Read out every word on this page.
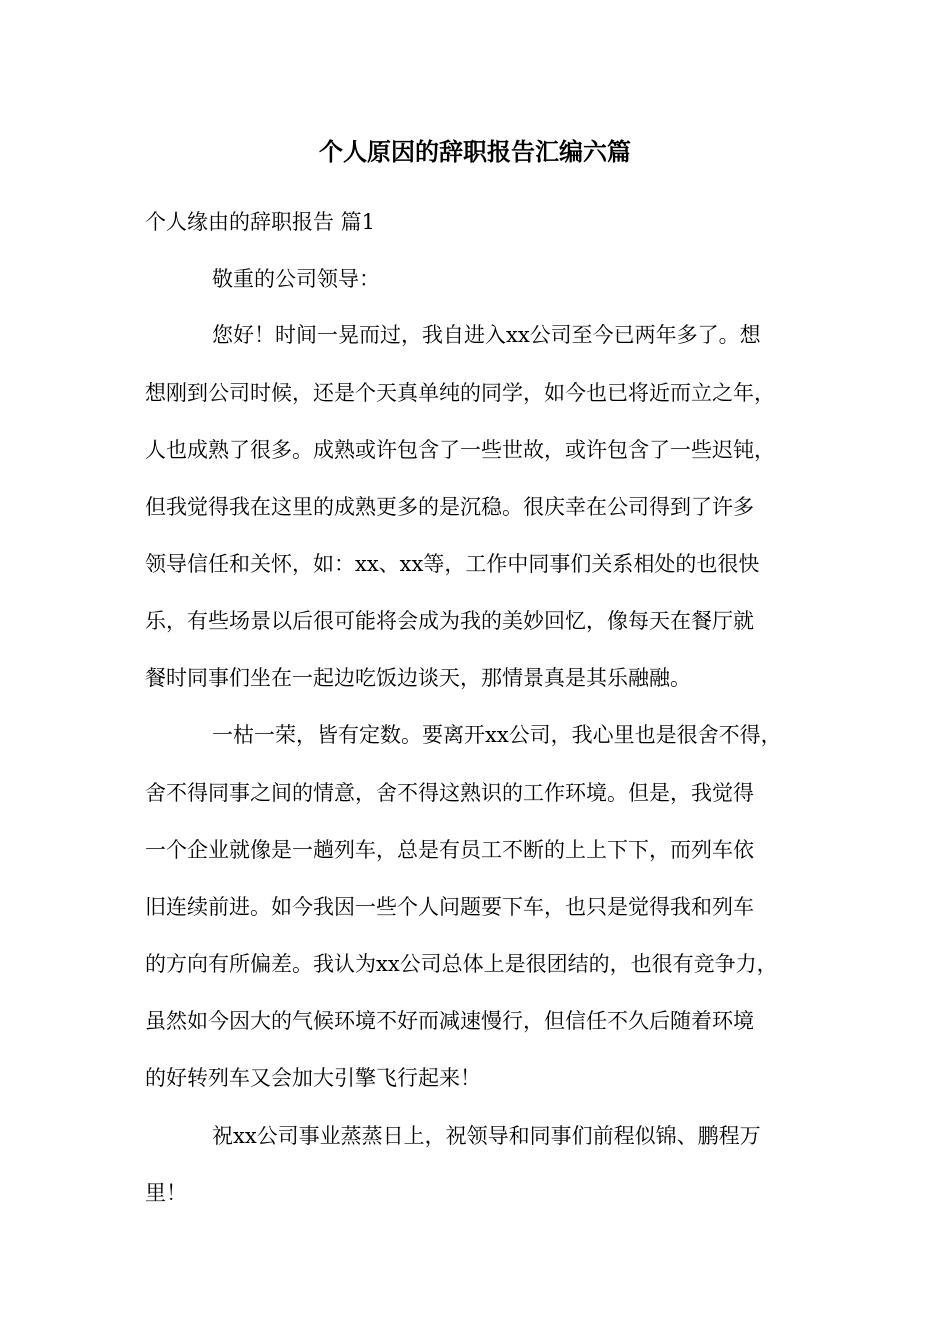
个人原因的辞职报告汇编六篇
个人缘由的辞职报告 篇1
敬重的公司领导：
您好！时间一晃而过，我自进入xx公司至今已两年多了。想
想刚到公司时候，还是个天真单纯的同学，如今也已将近而立之年，
人也成熟了很多。成熟或许包含了一些世故，或许包含了一些迟钝，
但我觉得我在这里的成熟更多的是沉稳。很庆幸在公司得到了许多
领导信任和关怀，如：xx、xx等，工作中同事们关系相处的也很快
乐，有些场景以后很可能将会成为我的美妙回忆，像每天在餐厅就
餐时同事们坐在一起边吃饭边谈天，那情景真是其乐融融。
一枯一荣，皆有定数。要离开xx公司，我心里也是很舍不得，
舍不得同事之间的情意，舍不得这熟识的工作环境。但是，我觉得
一个企业就像是一趟列车，总是有员工不断的上上下下，而列车依
旧连续前进。如今我因一些个人问题要下车，也只是觉得我和列车
的方向有所偏差。我认为xx公司总体上是很团结的，也很有竞争力，
虽然如今因大的气候环境不好而减速慢行，但信任不久后随着环境
的好转列车又会加大引擎飞行起来！
祝xx公司事业蒸蒸日上，祝领导和同事们前程似锦、鹏程万
里！
